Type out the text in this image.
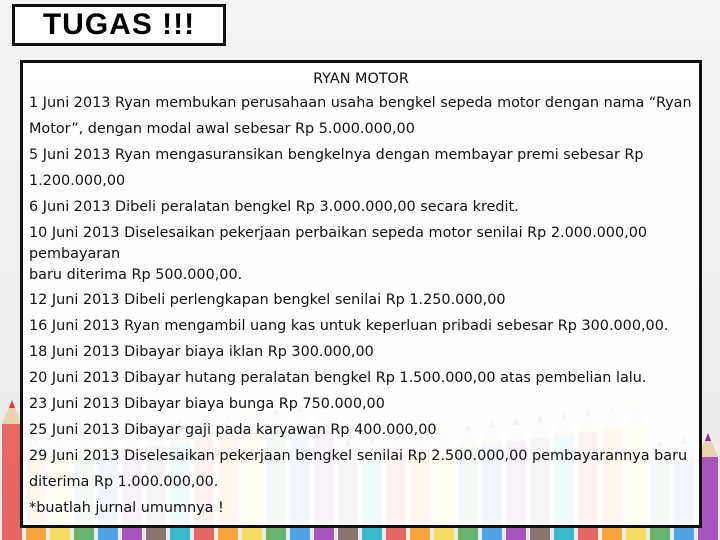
TUGAS !!!
RYAN MOTOR
1 Juni 2013 Ryan membukan perusahaan usaha bengkel sepeda motor dengan nama “Ryan
Motor”, dengan modal awal sebesar Rp 5.000.000,00
5 Juni 2013 Ryan mengasuransikan bengkelnya dengan membayar premi sebesar Rp
1.200.000,00
6 Juni 2013 Dibeli peralatan bengkel Rp 3.000.000,00 secara kredit.
10 Juni 2013 Diselesaikan pekerjaan perbaikan sepeda motor senilai Rp 2.000.000,00
pembayaran
baru diterima Rp 500.000,00.
12 Juni 2013 Dibeli perlengkapan bengkel senilai Rp 1.250.000,00
16 Juni 2013 Ryan mengambil uang kas untuk keperluan pribadi sebesar Rp 300.000,00.
18 Juni 2013 Dibayar biaya iklan Rp 300.000,00
20 Juni 2013 Dibayar hutang peralatan bengkel Rp 1.500.000,00 atas pembelian lalu.
23 Juni 2013 Dibayar biaya bunga Rp 750.000,00
25 Juni 2013 Dibayar gaji pada karyawan Rp 400.000,00
29 Juni 2013 Diselesaikan pekerjaan bengkel senilai Rp 2.500.000,00 pembayarannya baru
diterima Rp 1.000.000,00.
*buatlah jurnal umumnya !
